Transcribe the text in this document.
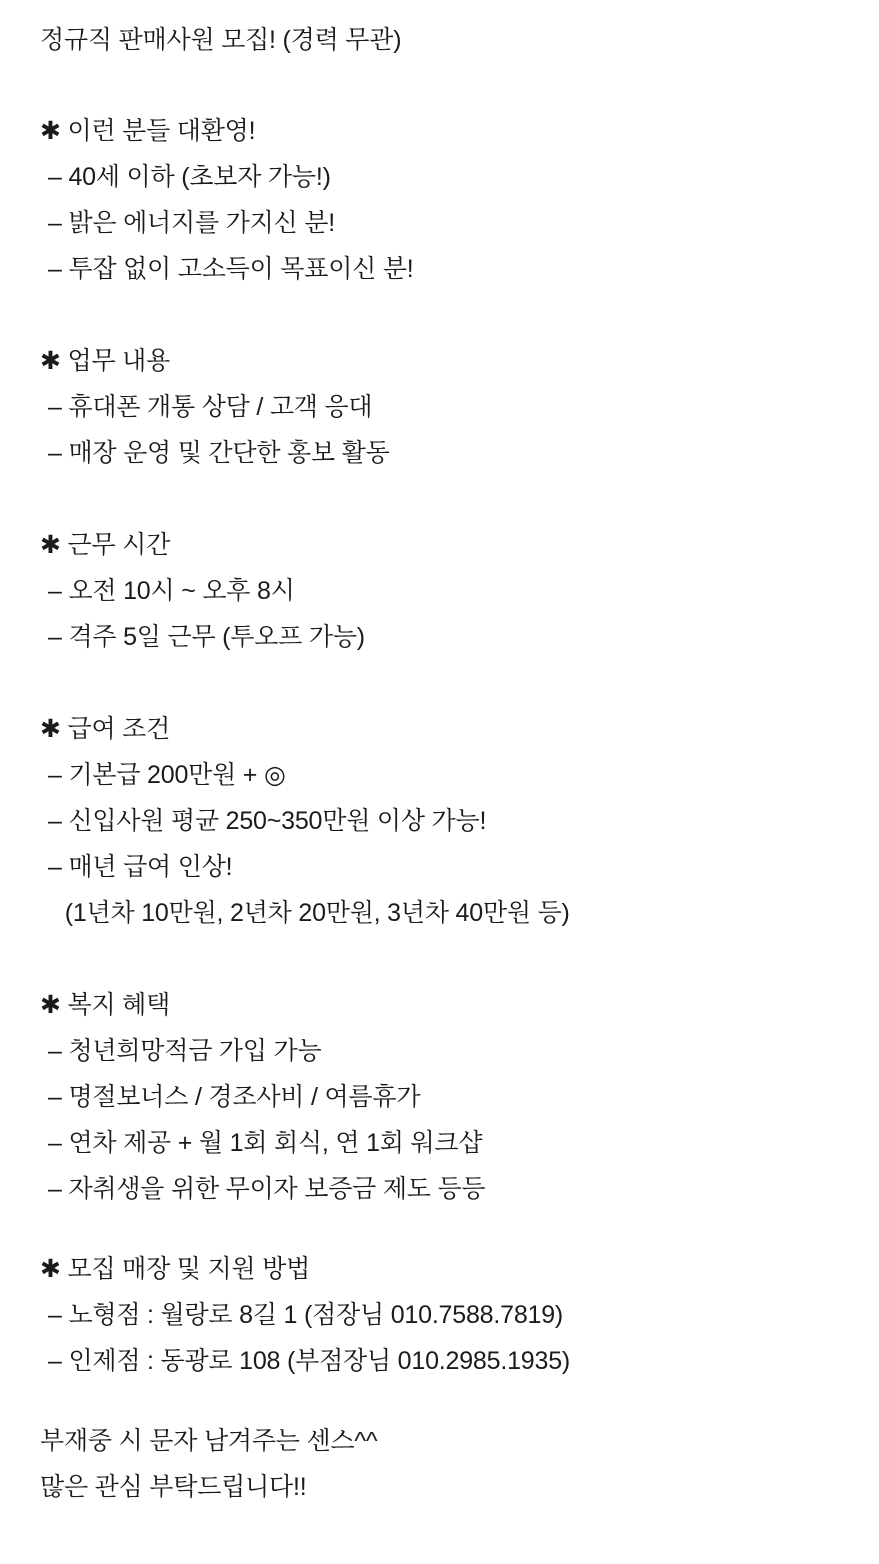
정규직 판매사원 모집! (경력 무관)
✱ 이런 분들 대환영!
– 40세 이하 (초보자 가능!)
– 밝은 에너지를 가지신 분!
– 투잡 없이 고소득이 목표이신 분!
✱ 업무 내용
– 휴대폰 개통 상담 / 고객 응대
– 매장 운영 및 간단한 홍보 활동
✱ 근무 시간
– 오전 10시 ~ 오후 8시
– 격주 5일 근무 (투오프 가능)
✱ 급여 조건
– 기본급 200만원 + ◎
– 신입사원 평균 250~350만원 이상 가능!
– 매년 급여 인상!
(1년차 10만원, 2년차 20만원, 3년차 40만원 등)
✱ 복지 혜택
– 청년희망적금 가입 가능
– 명절보너스 / 경조사비 / 여름휴가
– 연차 제공 + 월 1회 회식, 연 1회 워크샵
– 자취생을 위한 무이자 보증금 제도 등등
✱ 모집 매장 및 지원 방법
– 노형점 : 월랑로 8길 1 (점장님 010.7588.7819)
– 인제점 : 동광로 108 (부점장님 010.2985.1935)
부재중 시 문자 남겨주는 센스^^
많은 관심 부탁드립니다!!
